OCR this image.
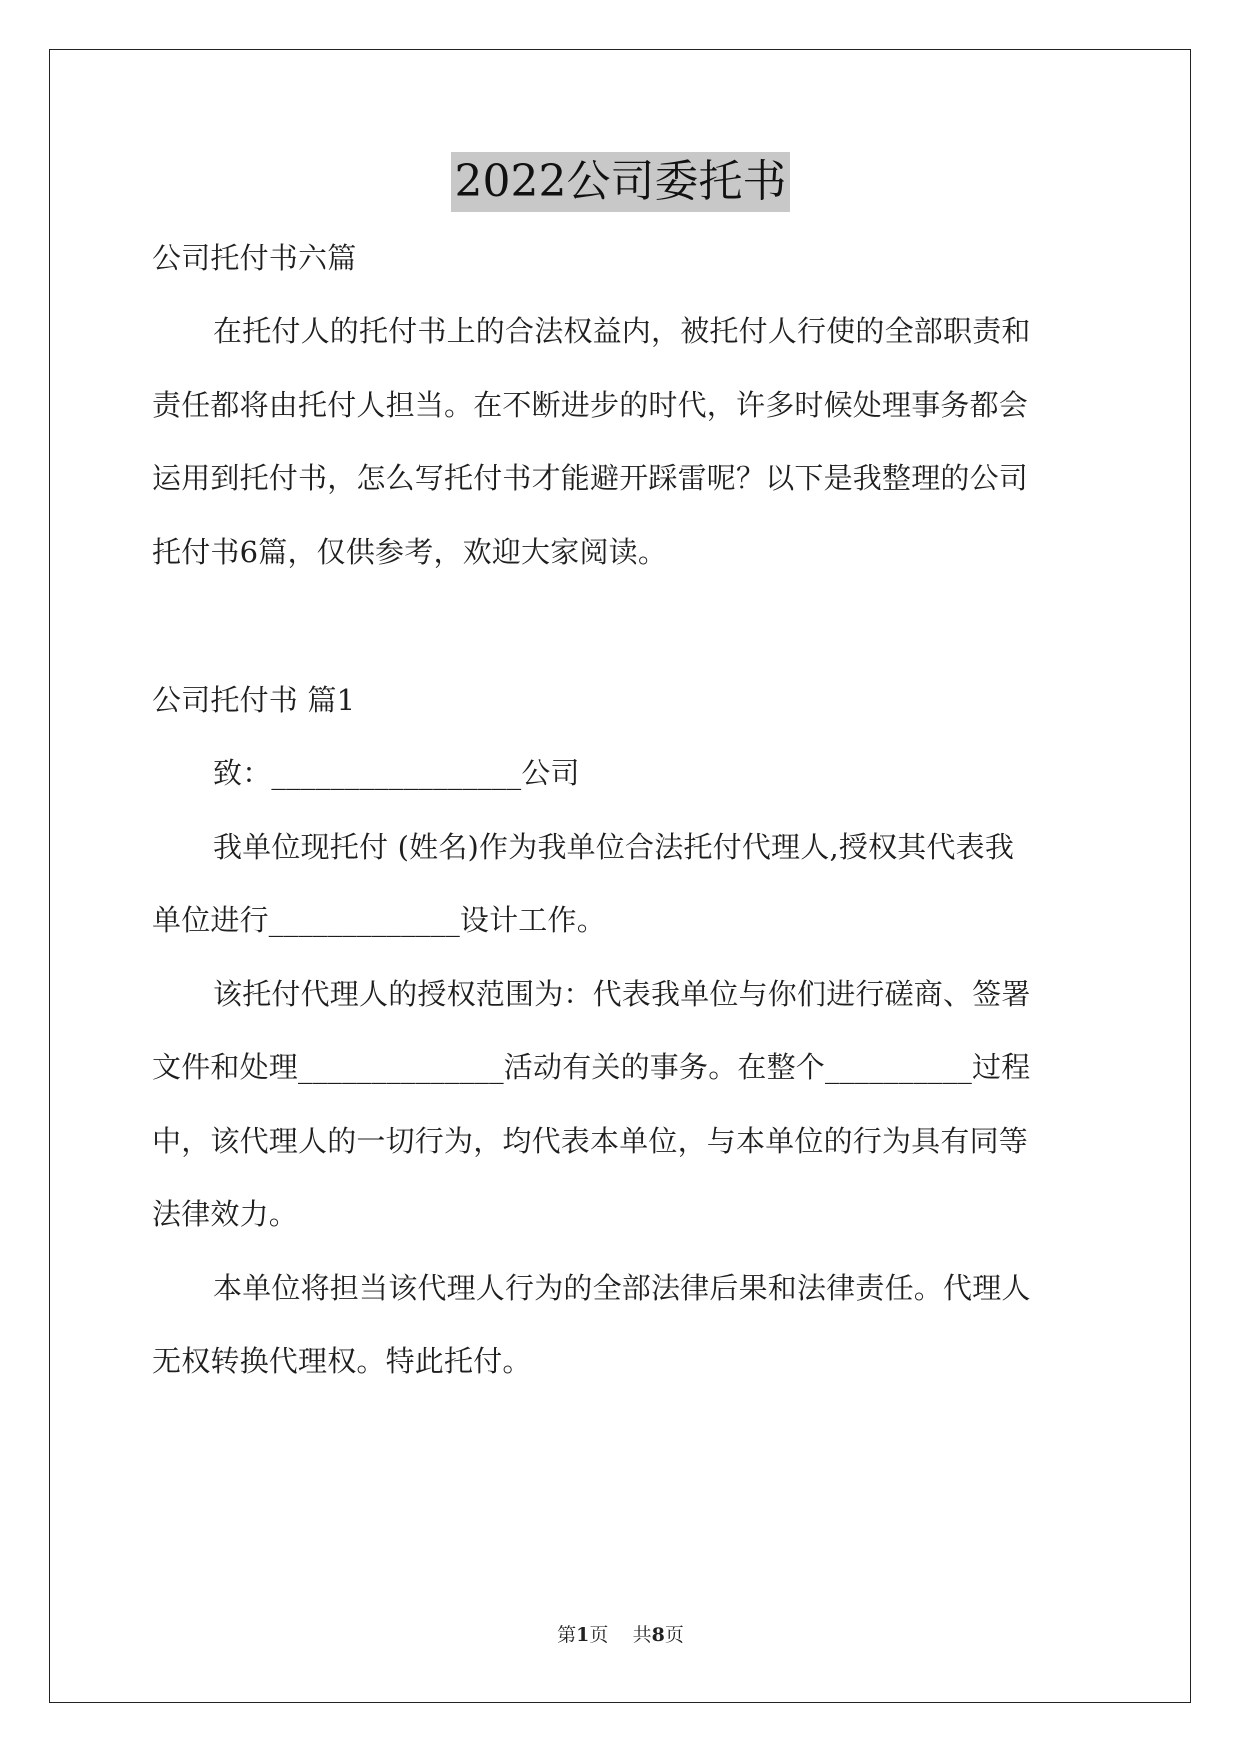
2022公司委托书

公司托付书六篇

在托付人的托付书上的合法权益内，被托付人行使的全部职责和

责任都将由托付人担当。在不断进步的时代，许多时候处理事务都会

运用到托付书，怎么写托付书才能避开踩雷呢？以下是我整理的公司

托付书6篇，仅供参考，欢迎大家阅读。

公司托付书 篇1

致：_________________公司

我单位现托付 (姓名)作为我单位合法托付代理人,授权其代表我

单位进行_____________设计工作。

该托付代理人的授权范围为：代表我单位与你们进行磋商、签署

文件和处理______________活动有关的事务。在整个__________过程

中，该代理人的一切行为，均代表本单位，与本单位的行为具有同等

法律效力。

本单位将担当该代理人行为的全部法律后果和法律责任。代理人

无权转换代理权。特此托付。

第1页 共8页
